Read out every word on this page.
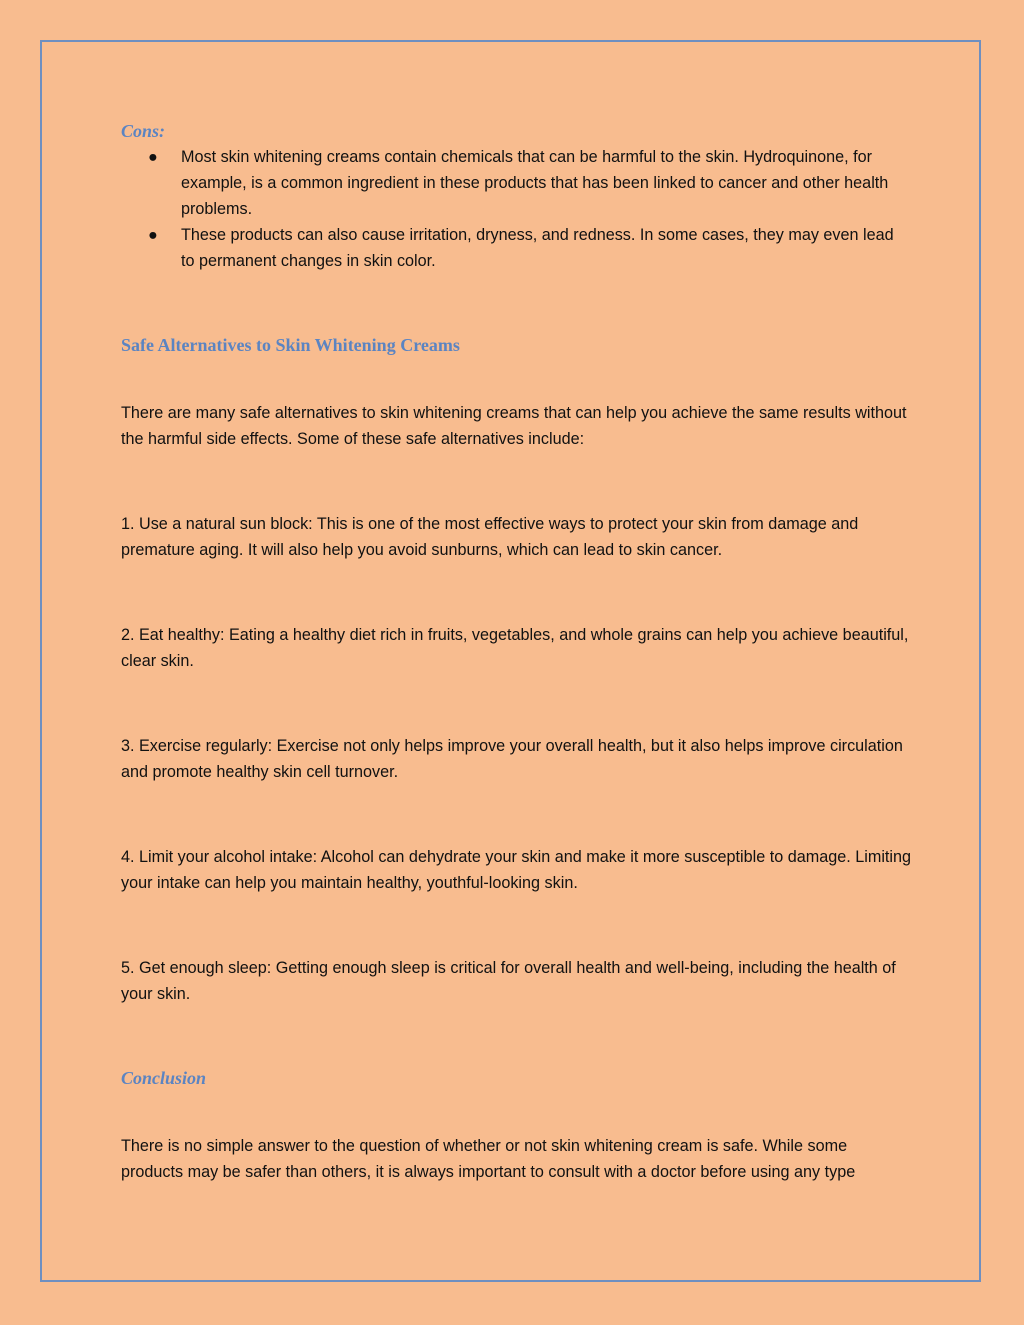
Cons:
● Most skin whitening creams contain chemicals that can be harmful to the skin. Hydroquinone, for example, is a common ingredient in these products that has been linked to cancer and other health problems.
● These products can also cause irritation, dryness, and redness. In some cases, they may even lead to permanent changes in skin color.
Safe Alternatives to Skin Whitening Creams

There are many safe alternatives to skin whitening creams that can help you achieve the same results without the harmful side effects. Some of these safe alternatives include:

1. Use a natural sun block: This is one of the most effective ways to protect your skin from damage and premature aging. It will also help you avoid sunburns, which can lead to skin cancer.

2. Eat healthy: Eating a healthy diet rich in fruits, vegetables, and whole grains can help you achieve beautiful, clear skin.

3. Exercise regularly: Exercise not only helps improve your overall health, but it also helps improve circulation and promote healthy skin cell turnover.

4. Limit your alcohol intake: Alcohol can dehydrate your skin and make it more susceptible to damage. Limiting your intake can help you maintain healthy, youthful-looking skin.

5. Get enough sleep: Getting enough sleep is critical for overall health and well-being, including the health of your skin.

Conclusion

There is no simple answer to the question of whether or not skin whitening cream is safe. While some products may be safer than others, it is always important to consult with a doctor before using any type
